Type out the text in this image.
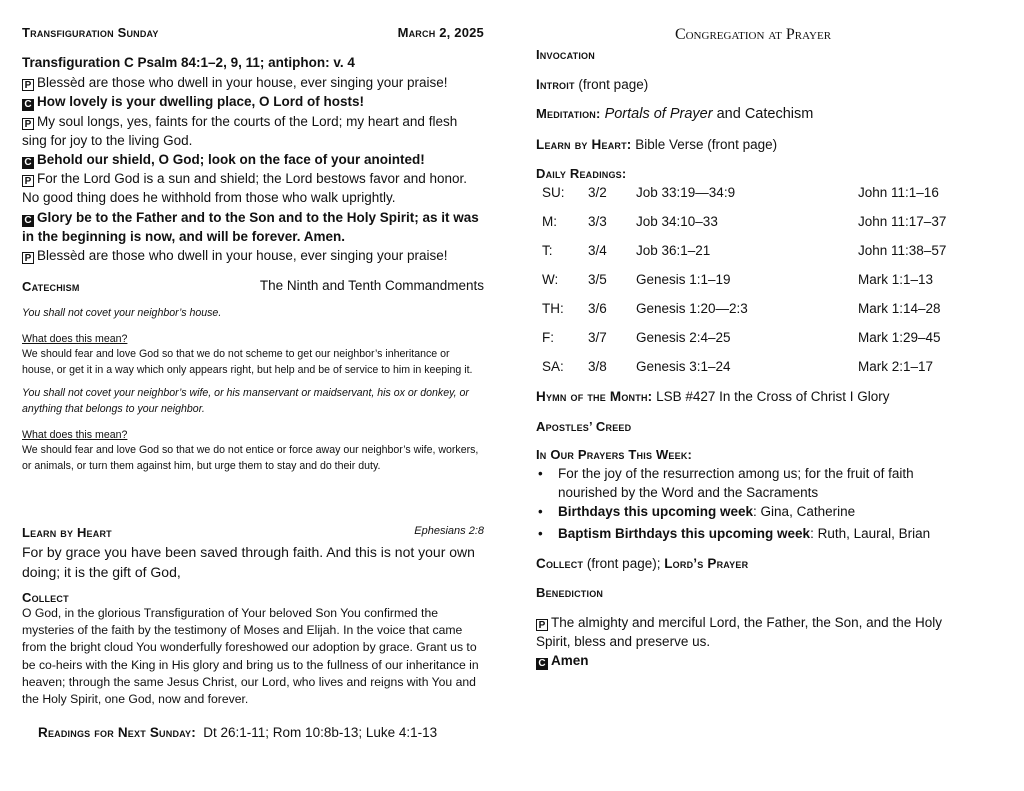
Transfiguration Sunday	March 2, 2025

Transfiguration C Psalm 84:1–2, 9, 11; antiphon: v. 4

P Blessèd are those who dwell in your house, ever singing your praise!

C How lovely is your dwelling place, O Lord of hosts!

P My soul longs, yes, faints for the courts of the Lord; my heart and flesh sing for joy to the living God.

C Behold our shield, O God; look on the face of your anointed!

P For the Lord God is a sun and shield; the Lord bestows favor and honor. No good thing does he withhold from those who walk uprightly.

C Glory be to the Father and to the Son and to the Holy Spirit; as it was in the beginning is now, and will be forever. Amen.

P Blessèd are those who dwell in your house, ever singing your praise!

Catechism	The Ninth and Tenth Commandments

You shall not covet your neighbor’s house.

What does this mean?

We should fear and love God so that we do not scheme to get our neighbor’s inheritance or house, or get it in a way which only appears right, but help and be of service to him in keeping it.

You shall not covet your neighbor’s wife, or his manservant or maidservant, his ox or donkey, or anything that belongs to your neighbor.

What does this mean?

We should fear and love God so that we do not entice or force away our neighbor’s wife, workers, or animals, or turn them against him, but urge them to stay and do their duty.

Learn by Heart	Ephesians 2:8

For by grace you have been saved through faith. And this is not your own doing; it is the gift of God,

Collect

O God, in the glorious Transfiguration of Your beloved Son You confirmed the mysteries of the faith by the testimony of Moses and Elijah. In the voice that came from the bright cloud You wonderfully foreshowed our adoption by grace. Grant us to be co-heirs with the King in His glory and bring us to the fullness of our inheritance in heaven; through the same Jesus Christ, our Lord, who lives and reigns with You and the Holy Spirit, one God, now and forever.

Readings for Next Sunday: Dt 26:1-11; Rom 10:8b-13; Luke 4:1-13
Congregation at Prayer

Invocation

Introit (front page)

Meditation: Portals of Prayer and Catechism

Learn by Heart: Bible Verse (front page)

Daily Readings:

SU:	3/2	Job 33:19—34:9	John 11:1–16
M:	3/3	Job 34:10–33	John 11:17–37
T:	3/4	Job 36:1–21	John 11:38–57
W:	3/5	Genesis 1:1–19	Mark 1:1–13
TH:	3/6	Genesis 1:20—2:3	Mark 1:14–28
F:	3/7	Genesis 2:4–25	Mark 1:29–45
SA:	3/8	Genesis 3:1–24	Mark 2:1–17

Hymn of the Month: LSB #427 In the Cross of Christ I Glory

Apostles’ Creed

In Our Prayers This Week:

• For the joy of the resurrection among us; for the fruit of faith nourished by the Word and the Sacraments
• Birthdays this upcoming week: Gina, Catherine
• Baptism Birthdays this upcoming week: Ruth, Laural, Brian

Collect (front page); Lord’s Prayer

Benediction

P The almighty and merciful Lord, the Father, the Son, and the Holy Spirit, bless and preserve us.

C Amen
